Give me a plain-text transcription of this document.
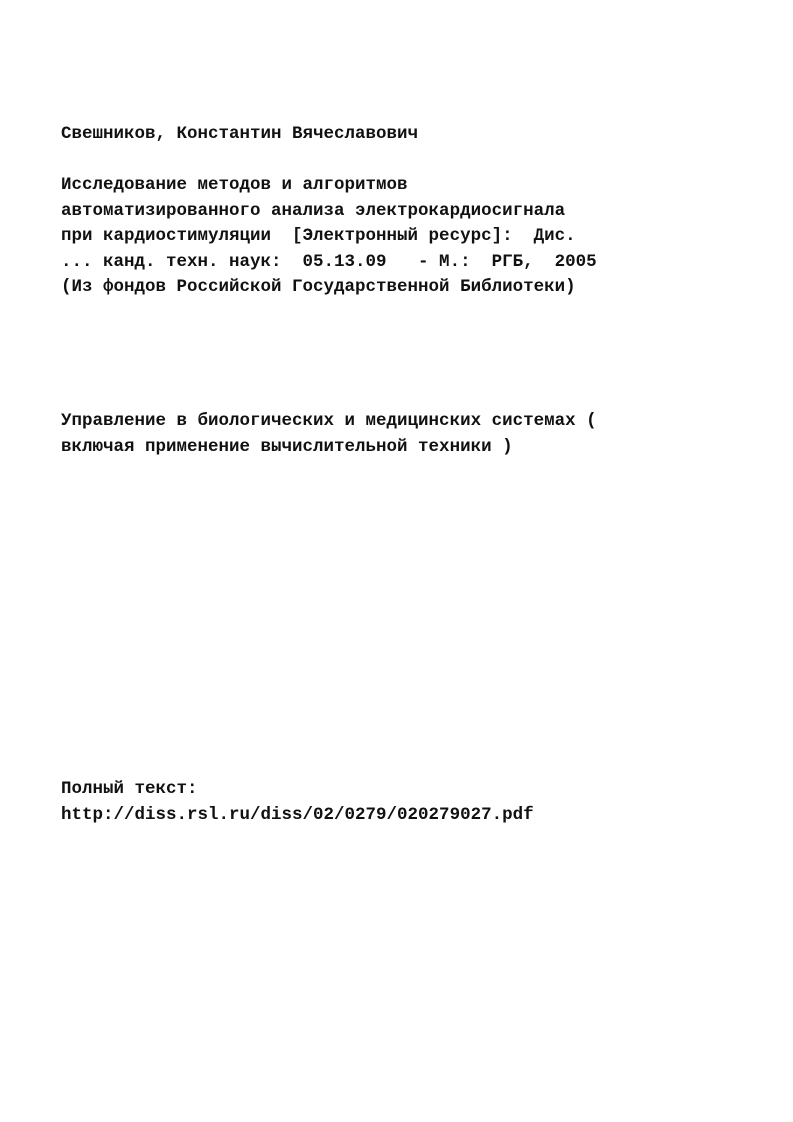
Свешников, Константин Вячеславович
Исследование методов и алгоритмов
автоматизированного анализа электрокардиосигнала
при кардиостимуляции  [Электронный ресурс]:  Дис.
... канд. техн. наук:  05.13.09   - М.:  РГБ,  2005
(Из фондов Российской Государственной Библиотеки)
Управление в биологических и медицинских системах (
включая применение вычислительной техники )
Полный текст:
http://diss.rsl.ru/diss/02/0279/020279027.pdf
